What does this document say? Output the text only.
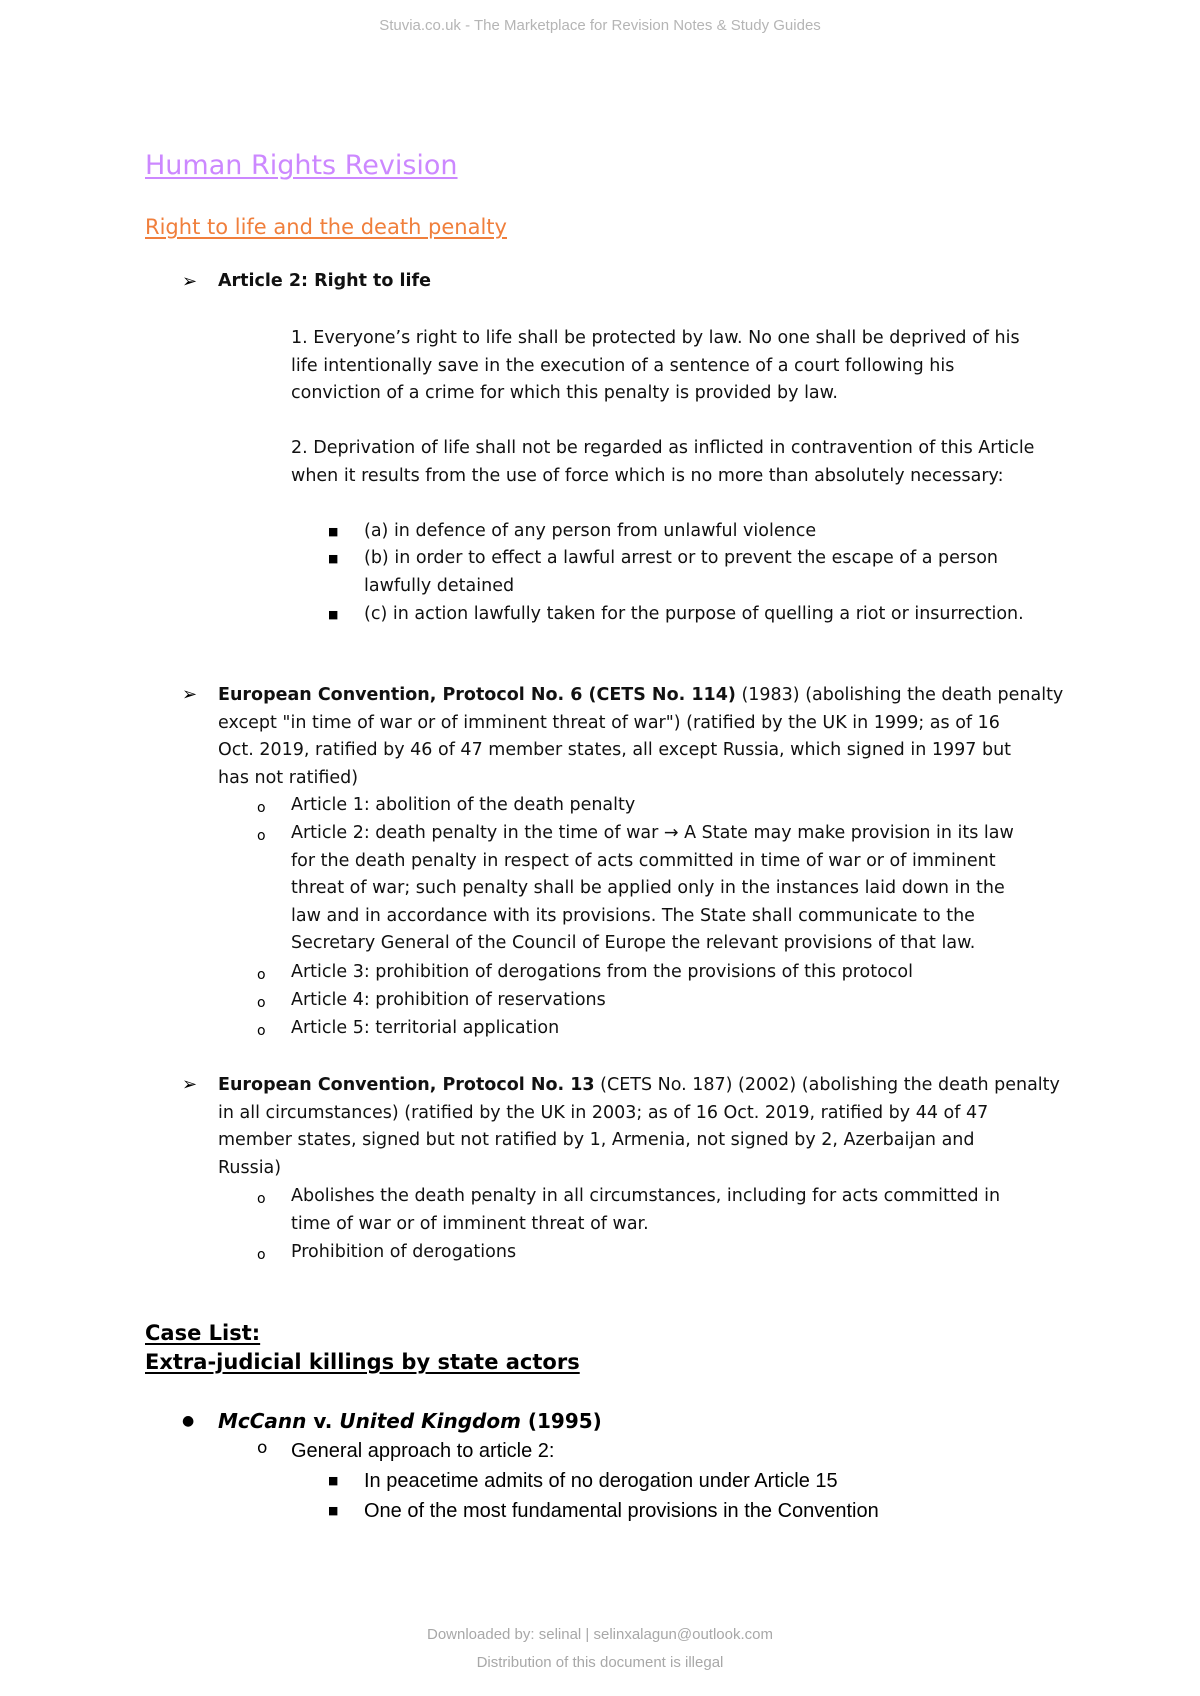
Stuvia.co.uk - The Marketplace for Revision Notes & Study Guides
Human Rights Revision
Right to life and the death penalty
➢ Article 2: Right to life
1. Everyone’s right to life shall be protected by law. No one shall be deprived of his
life intentionally save in the execution of a sentence of a court following his
conviction of a crime for which this penalty is provided by law.
2. Deprivation of life shall not be regarded as inflicted in contravention of this Article
when it results from the use of force which is no more than absolutely necessary:
■ (a) in defence of any person from unlawful violence
■ (b) in order to effect a lawful arrest or to prevent the escape of a person
lawfully detained
■ (c) in action lawfully taken for the purpose of quelling a riot or insurrection.
➢ European Convention, Protocol No. 6 (CETS No. 114) (1983) (abolishing the death penalty
except "in time of war or of imminent threat of war") (ratified by the UK in 1999; as of 16
Oct. 2019, ratified by 46 of 47 member states, all except Russia, which signed in 1997 but
has not ratified)
o Article 1: abolition of the death penalty
o Article 2: death penalty in the time of war → A State may make provision in its law
for the death penalty in respect of acts committed in time of war or of imminent
threat of war; such penalty shall be applied only in the instances laid down in the
law and in accordance with its provisions. The State shall communicate to the
Secretary General of the Council of Europe the relevant provisions of that law.
o Article 3: prohibition of derogations from the provisions of this protocol
o Article 4: prohibition of reservations
o Article 5: territorial application
➢ European Convention, Protocol No. 13 (CETS No. 187) (2002) (abolishing the death penalty
in all circumstances) (ratified by the UK in 2003; as of 16 Oct. 2019, ratified by 44 of 47
member states, signed but not ratified by 1, Armenia, not signed by 2, Azerbaijan and
Russia)
o Abolishes the death penalty in all circumstances, including for acts committed in
time of war or of imminent threat of war.
o Prohibition of derogations
Case List:
Extra-judicial killings by state actors
● McCann v. United Kingdom (1995)
o General approach to article 2:
■ In peacetime admits of no derogation under Article 15
■ One of the most fundamental provisions in the Convention
Downloaded by: selinal | selinxalagun@outlook.com
Distribution of this document is illegal
